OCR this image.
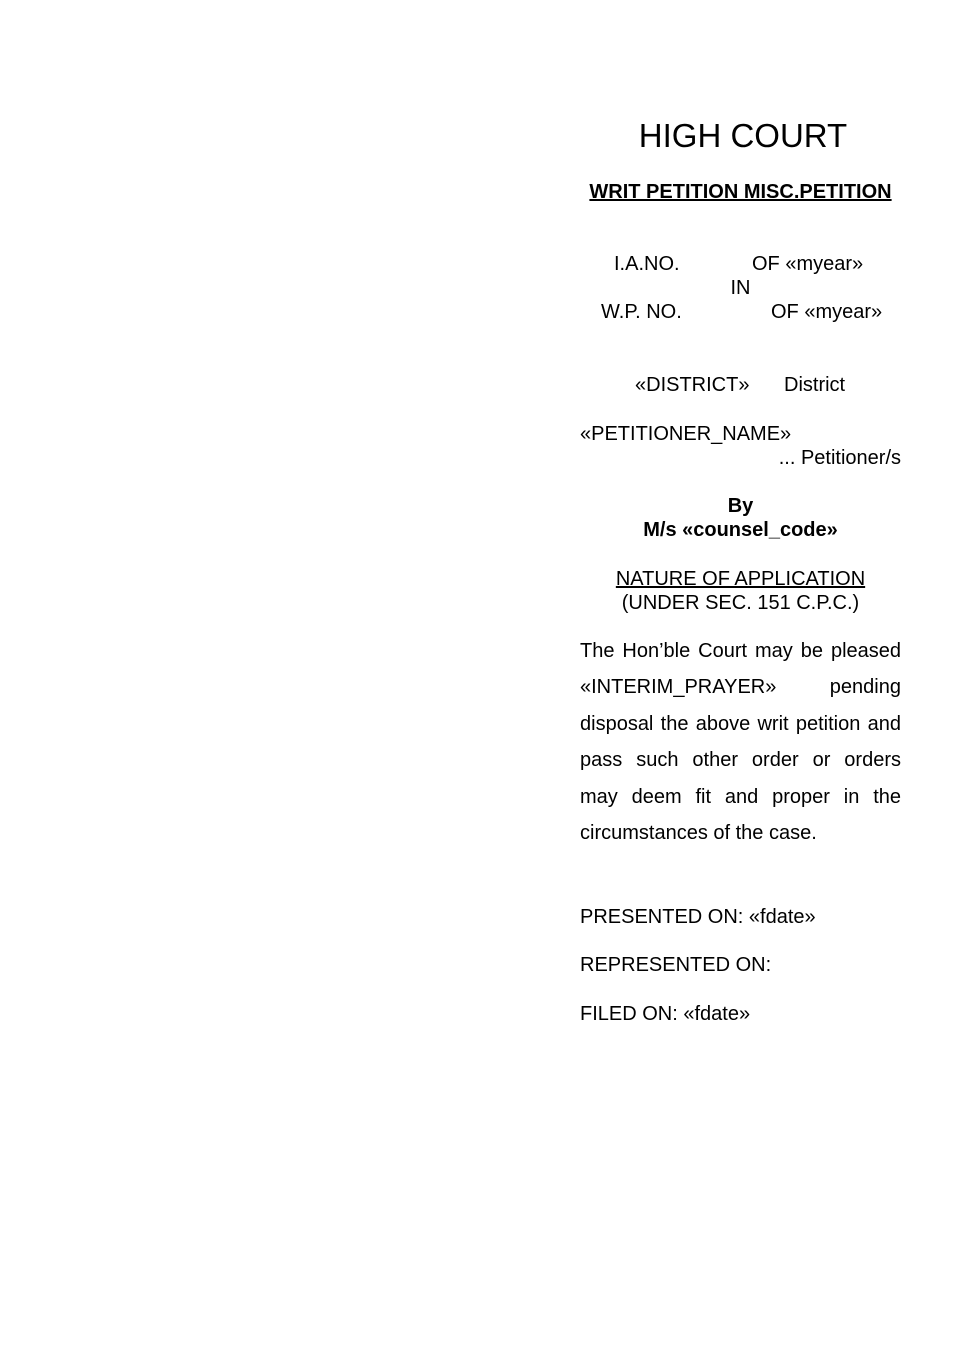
HIGH COURT
WRIT PETITION MISC.PETITION
I.A.NO.	OF «myear»
IN
W.P. NO.	OF «myear»
«DISTRICT» District
«PETITIONER_NAME»
... Petitioner/s
By
M/s «counsel_code»
NATURE OF APPLICATION
(UNDER SEC. 151 C.P.C.)
The Hon’ble Court may be pleased «INTERIM_PRAYER» pending disposal the above writ petition and pass such other order or orders may deem fit and proper in the circumstances of the case.
PRESENTED ON: «fdate»
REPRESENTED ON:
FILED ON: «fdate»
